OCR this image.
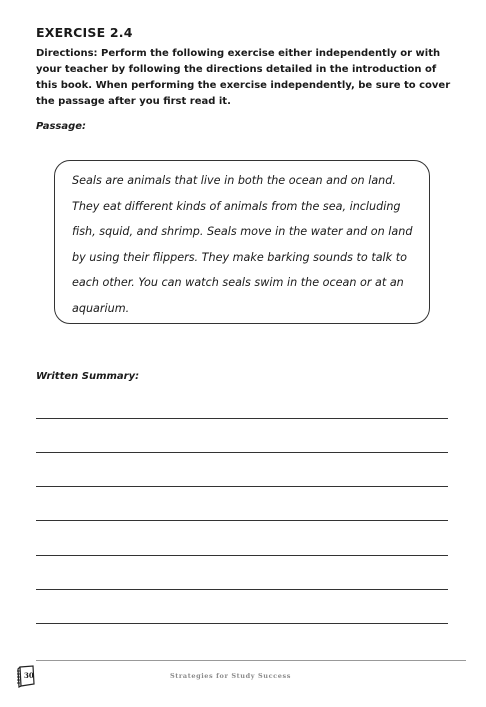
EXERCISE 2.4
Directions: Perform the following exercise either independently or with your teacher by following the directions detailed in the introduction of this book. When performing the exercise independently, be sure to cover the passage after you first read it.
Passage:
Seals are animals that live in both the ocean and on land.
They eat different kinds of animals from the sea, including
fish, squid, and shrimp. Seals move in the water and on land
by using their flippers. They make barking sounds to talk to
each other. You can watch seals swim in the ocean or at an
aquarium.
Written Summary:
30	Strategies for Study Success
